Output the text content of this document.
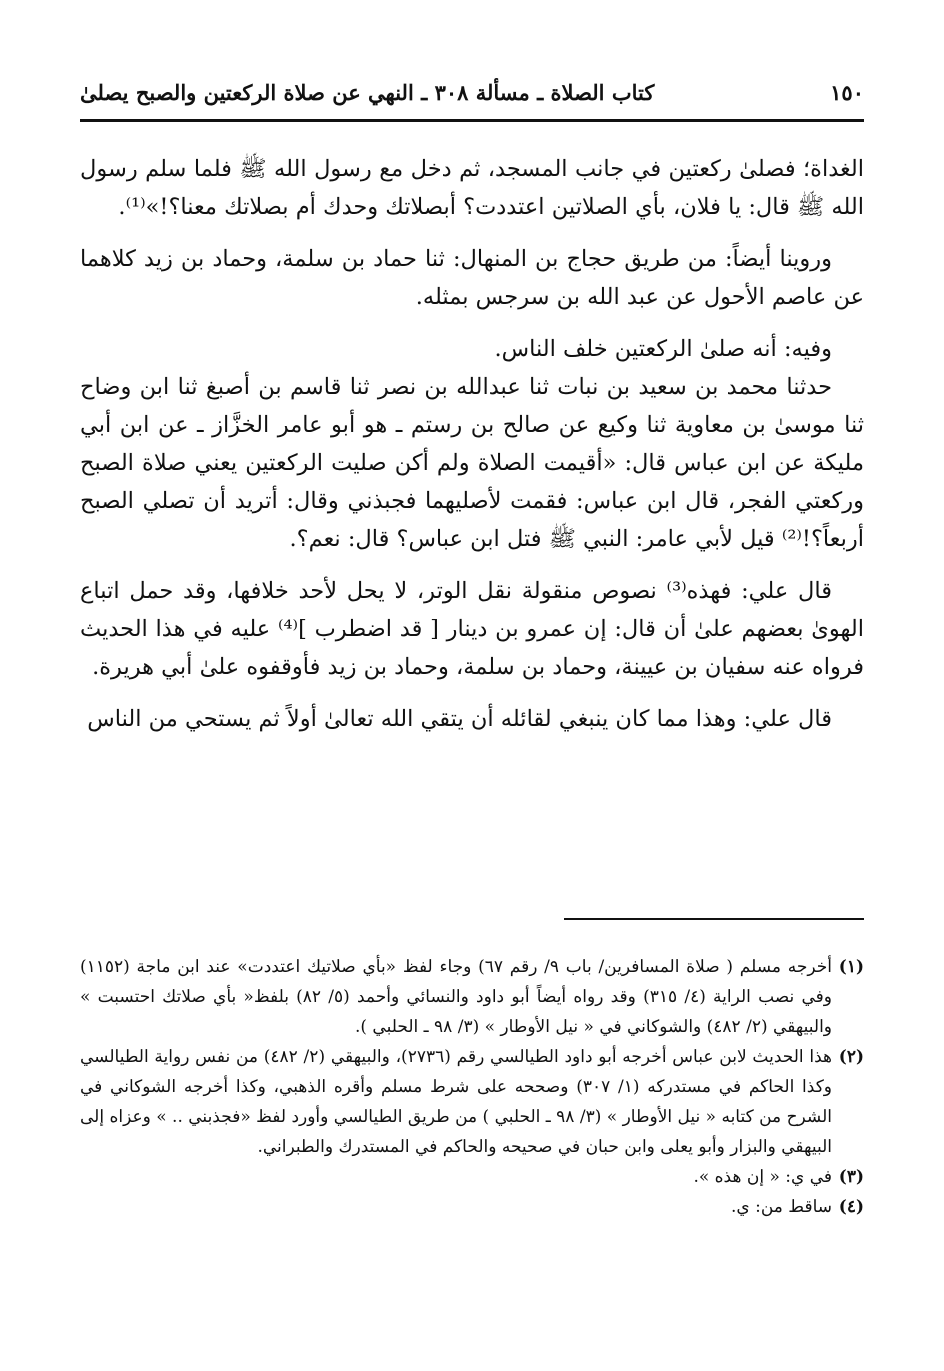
١٥٠
كتاب الصلاة ـ مسألة ٣٠٨ ـ النهي عن صلاة الركعتين والصبح يصلىٰ

الغداة؛ فصلىٰ ركعتين في جانب المسجد، ثم دخل مع رسول الله ﷺ فلما سلم رسول الله ﷺ قال: يا فلان، بأي الصلاتين اعتددت؟ أبصلاتك وحدك أم بصلاتك معنا؟!»⁽¹⁾.

وروينا أيضاً: من طريق حجاج بن المنهال: ثنا حماد بن سلمة، وحماد بن زيد كلاهما عن عاصم الأحول عن عبد الله بن سرجس بمثله.

وفيه: أنه صلىٰ الركعتين خلف الناس.

حدثنا محمد بن سعيد بن نبات ثنا عبدالله بن نصر ثنا قاسم بن أصبغ ثنا ابن وضاح ثنا موسىٰ بن معاوية ثنا وكيع عن صالح بن رستم ـ هو أبو عامر الخزَّاز ـ عن ابن أبي مليكة عن ابن عباس قال: «أقيمت الصلاة ولم أكن صليت الركعتين يعني صلاة الصبح وركعتي الفجر، قال ابن عباس: فقمت لأصليهما فجبذني وقال: أتريد أن تصلي الصبح أربعاً؟!⁽²⁾ قيل لأبي عامر: النبي ﷺ فتل ابن عباس؟ قال: نعم؟.

قال علي: فهذه⁽³⁾ نصوص منقولة نقل الوتر، لا يحل لأحد خلافها، وقد حمل اتباع الهوىٰ بعضهم علىٰ أن قال: إن عمرو بن دينار [ قد اضطرب ]⁽⁴⁾ عليه في هذا الحديث فرواه عنه سفيان بن عيينة، وحماد بن سلمة، وحماد بن زيد فأوقفوه علىٰ أبي هريرة.

قال علي: وهذا مما كان ينبغي لقائله أن يتقي الله تعالىٰ أولاً ثم يستحي من الناس

(١)
أخرجه مسلم ( صلاة المسافرين/ باب ٩/ رقم ٦٧) وجاء لفظ «بأي صلاتيك اعتددت» عند ابن ماجة (١١٥٢) وفي نصب الراية (٤/ ٣١٥) وقد رواه أيضاً أبو داود والنسائي وأحمد (٥/ ٨٢) بلفظ« بأي صلاتك احتسبت » والبيهقي (٢/ ٤٨٢) والشوكاني في « نيل الأوطار » (٣/ ٩٨ ـ الحلبي ).
(٢)
هذا الحديث لابن عباس أخرجه أبو داود الطيالسي رقم (٢٧٣٦)، والبيهقي (٢/ ٤٨٢) من نفس رواية الطيالسي وكذا الحاكم في مستدركه (١/ ٣٠٧) وصححه على شرط مسلم وأقره الذهبي، وكذا أخرجه الشوكاني في الشرح من كتابه « نيل الأوطار » (٣/ ٩٨ ـ الحلبي ) من طريق الطيالسي وأورد لفظ «فجذبني .. » وعزاه إلى البيهقي والبزار وأبو يعلى وابن حبان في صحيحه والحاكم في المستدرك والطبراني.
(٣)
في ي: « إن هذه ».
(٤)
ساقط من: ي.
